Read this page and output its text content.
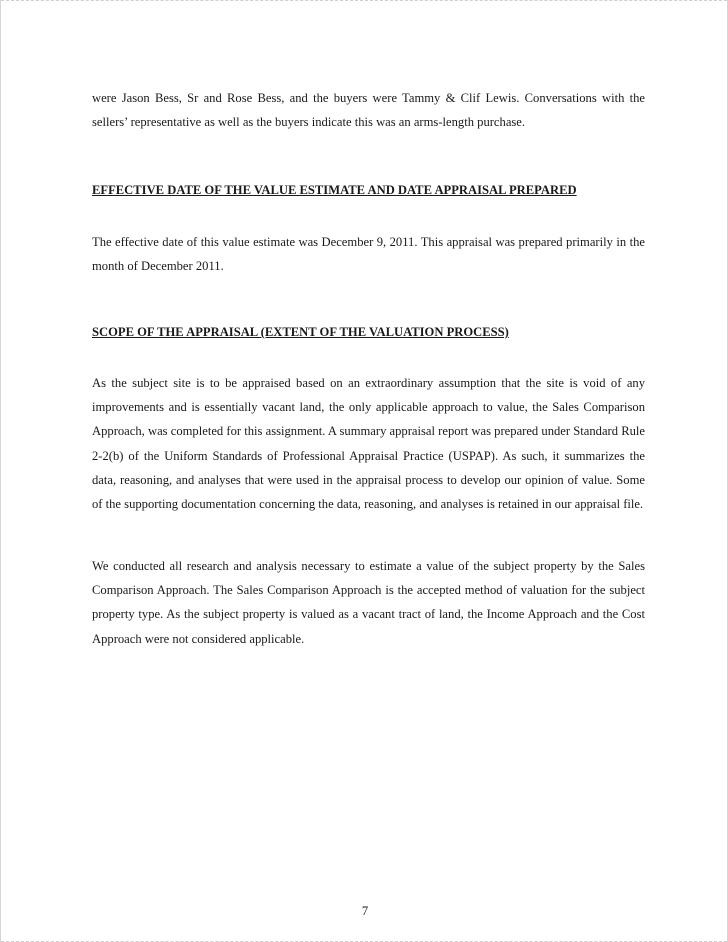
were Jason Bess, Sr and Rose Bess, and the buyers were Tammy & Clif Lewis. Conversations with the sellers’ representative as well as the buyers indicate this was an arms-length purchase.

EFFECTIVE DATE OF THE VALUE ESTIMATE AND DATE APPRAISAL PREPARED

The effective date of this value estimate was December 9, 2011. This appraisal was prepared primarily in the month of December 2011.

SCOPE OF THE APPRAISAL (EXTENT OF THE VALUATION PROCESS)

As the subject site is to be appraised based on an extraordinary assumption that the site is void of any improvements and is essentially vacant land, the only applicable approach to value, the Sales Comparison Approach, was completed for this assignment. A summary appraisal report was prepared under Standard Rule 2-2(b) of the Uniform Standards of Professional Appraisal Practice (USPAP). As such, it summarizes the data, reasoning, and analyses that were used in the appraisal process to develop our opinion of value. Some of the supporting documentation concerning the data, reasoning, and analyses is retained in our appraisal file.

We conducted all research and analysis necessary to estimate a value of the subject property by the Sales Comparison Approach. The Sales Comparison Approach is the accepted method of valuation for the subject property type. As the subject property is valued as a vacant tract of land, the Income Approach and the Cost Approach were not considered applicable.

7
